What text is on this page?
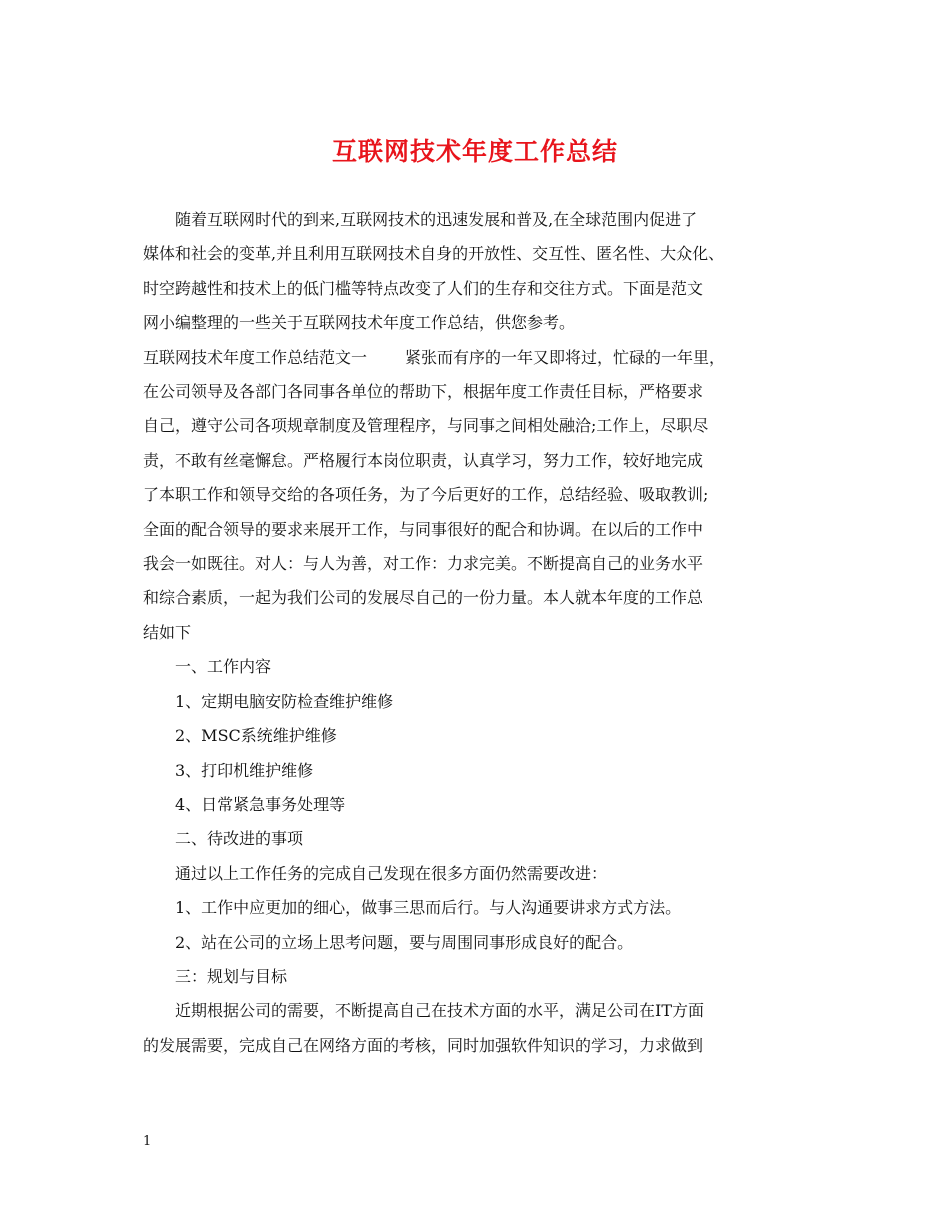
互联网技术年度工作总结

随着互联网时代的到来,互联网技术的迅速发展和普及,在全球范围内促进了

媒体和社会的变革,并且利用互联网技术自身的开放性、交互性、匿名性、大众化、

时空跨越性和技术上的低门槛等特点改变了人们的生存和交往方式。下面是范文

网小编整理的一些关于互联网技术年度工作总结，供您参考。

互联网技术年度工作总结范文一 紧张而有序的一年又即将过，忙碌的一年里，

在公司领导及各部门各同事各单位的帮助下，根据年度工作责任目标，严格要求

自己，遵守公司各项规章制度及管理程序，与同事之间相处融洽;工作上，尽职尽

责，不敢有丝毫懈怠。严格履行本岗位职责，认真学习，努力工作，较好地完成

了本职工作和领导交给的各项任务，为了今后更好的工作，总结经验、吸取教训;

全面的配合领导的要求来展开工作，与同事很好的配合和协调。在以后的工作中

我会一如既往。对人：与人为善，对工作：力求完美。不断提高自己的业务水平

和综合素质，一起为我们公司的发展尽自己的一份力量。本人就本年度的工作总

结如下

一、工作内容

1、定期电脑安防检查维护维修

2、MSC系统维护维修

3、打印机维护维修

4、日常紧急事务处理等

二、待改进的事项

通过以上工作任务的完成自己发现在很多方面仍然需要改进：

1、工作中应更加的细心，做事三思而后行。与人沟通要讲求方式方法。

2、站在公司的立场上思考问题，要与周围同事形成良好的配合。

三：规划与目标

近期根据公司的需要，不断提高自己在技术方面的水平，满足公司在IT方面

的发展需要，完成自己在网络方面的考核，同时加强软件知识的学习，力求做到

1
